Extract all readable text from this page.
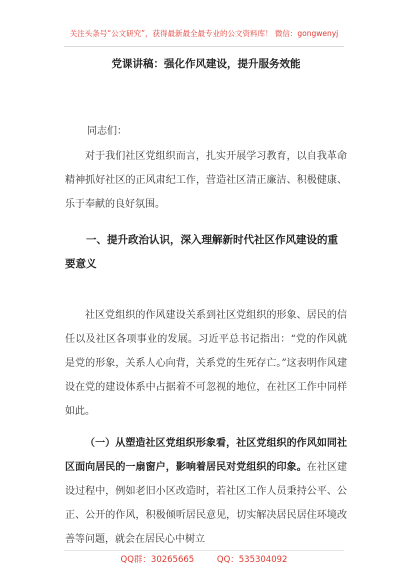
关注头条号“公文研究”，获得最新最全最专业的公文资料库！ 微信：gongwenyj
党课讲稿：强化作风建设，提升服务效能
同志们：

对于我们社区党组织而言，扎实开展学习教育，以自我革命精神抓好社区的正风肃纪工作，营造社区清正廉洁、积极健康、乐于奉献的良好氛围。

一、提升政治认识，深入理解新时代社区作风建设的重要意义

社区党组织的作风建设关系到社区党组织的形象、居民的信任以及社区各项事业的发展。习近平总书记指出：“党的作风就是党的形象，关系人心向背，关系党的生死存亡。”这表明作风建设在党的建设体系中占据着不可忽视的地位，在社区工作中同样如此。

（一）从塑造社区党组织形象看，社区党组织的作风如同社区面向居民的一扇窗户，影响着居民对党组织的印象。在社区建设过程中，例如老旧小区改造时，若社区工作人员秉持公平、公正、公开的作风，积极倾听居民意见，切实解决居民居住环境改善等问题，就会在居民心中树立

QQ群：30265665	QQ：535304092
